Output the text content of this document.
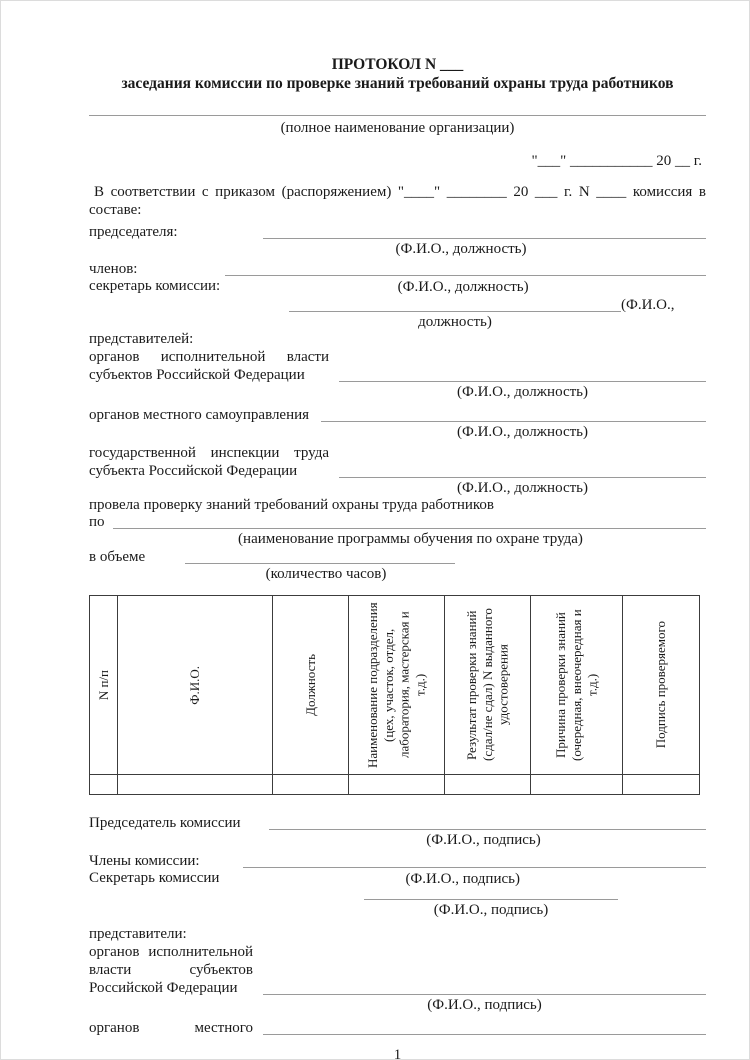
ПРОТОКОЛ N ___
заседания комиссии по проверке знаний требований охраны труда работников
(полное наименование организации)
"___" ___________ 20 __ г.
В соответствии с приказом (распоряжением) "____" ________ 20 ___ г. N ____ комиссия в составе:
председателя:
(Ф.И.О., должность)
членов:
секретарь комиссии:	(Ф.И.О., должность)
(Ф.И.О.,
должность)
представителей:
органов исполнительной власти субъектов Российской Федерации
(Ф.И.О., должность)
органов местного самоуправления
(Ф.И.О., должность)
государственной инспекции труда субъекта Российской Федерации
(Ф.И.О., должность)
провела проверку знаний требований охраны труда работников
по
(наименование программы обучения по охране труда)
в объеме
(количество часов)
N п/п	Ф.И.О.	Должность	Наименование подразделения (цех, участок, отдел, лаборатория, мастерская и т.д.)	Результат проверки знаний (сдал/не сдал) N выданного удостоверения	Причина проверки знаний (очередная, внеочередная и т.д.)	Подпись проверяемого

Председатель комиссии
(Ф.И.О., подпись)
Члены комиссии:
Секретарь комиссии	(Ф.И.О., подпись)
(Ф.И.О., подпись)
представители:
органов исполнительной власти субъектов Российской Федерации
(Ф.И.О., подпись)
органов местного
1
